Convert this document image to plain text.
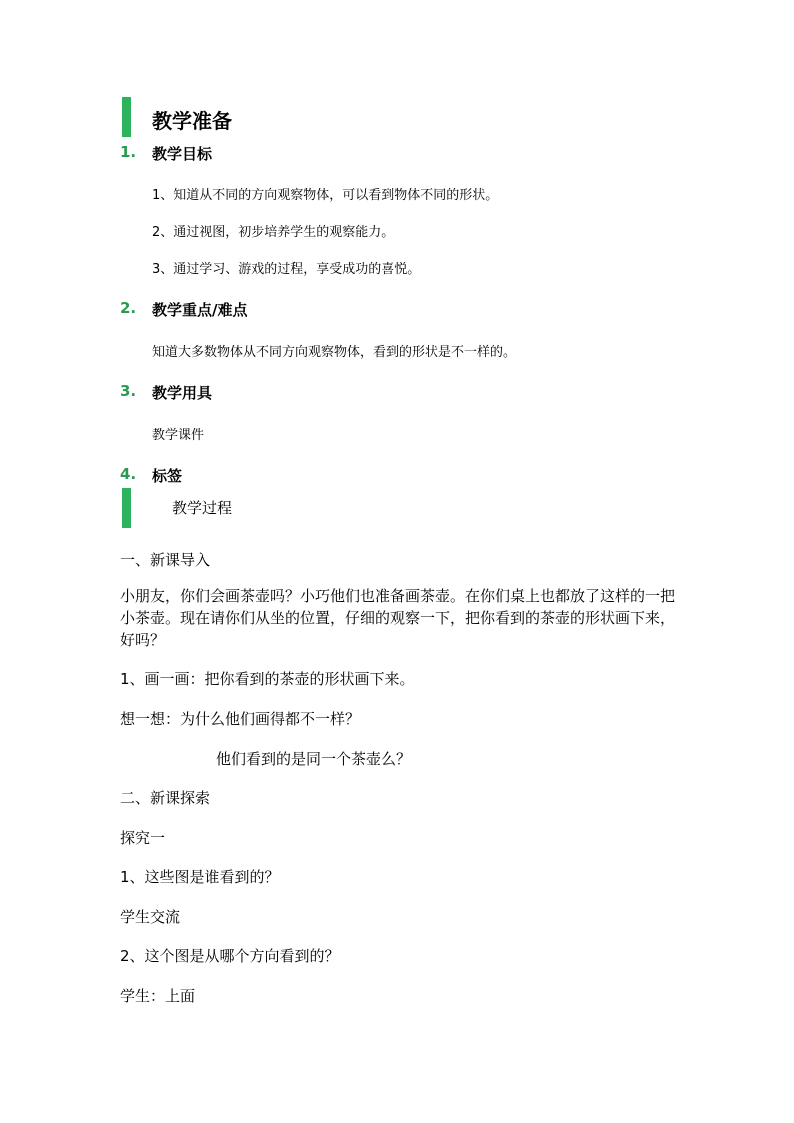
教学准备
1. 教学目标
1、知道从不同的方向观察物体，可以看到物体不同的形状。
2、通过视图，初步培养学生的观察能力。
3、通过学习、游戏的过程，享受成功的喜悦。
2. 教学重点/难点
知道大多数物体从不同方向观察物体，看到的形状是不一样的。
3. 教学用具
教学课件
4. 标签
教学过程
一、新课导入
小朋友，你们会画茶壶吗？小巧他们也准备画茶壶。在你们桌上也都放了这样的一把小茶壶。现在请你们从坐的位置，仔细的观察一下，把你看到的茶壶的形状画下来，好吗？
1、画一画：把你看到的茶壶的形状画下来。
想一想：为什么他们画得都不一样？
他们看到的是同一个茶壶么？
二、新课探索
探究一
1、这些图是谁看到的？
学生交流
2、这个图是从哪个方向看到的？
学生：上面
